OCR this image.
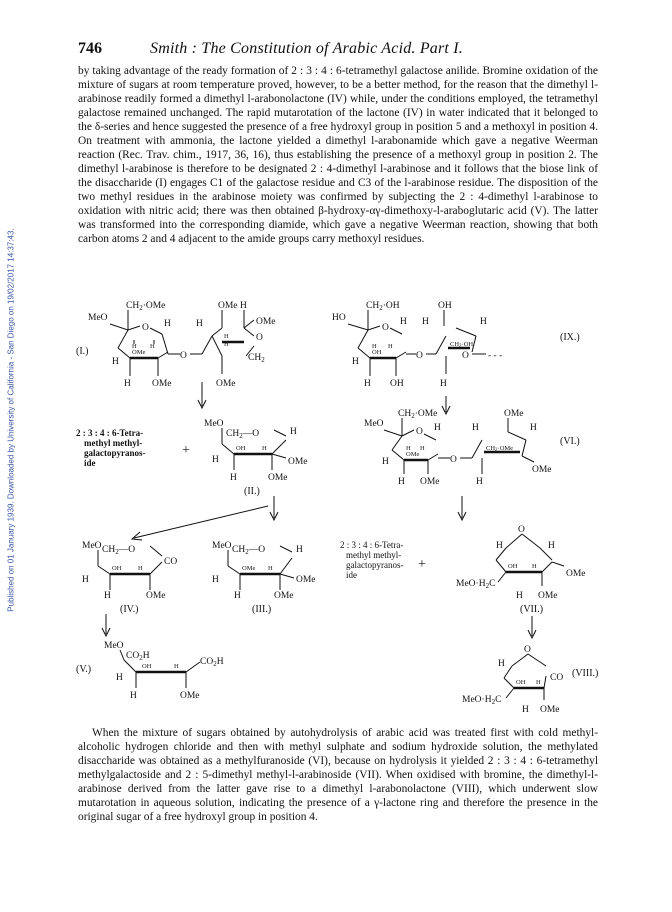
Published on 01 January 1939. Downloaded by University of California - San Diego on 19/02/2017 14:37:43.
746	Smith : The Constitution of Arabic Acid. Part I.
by taking advantage of the ready formation of 2 : 3 : 4 : 6-tetramethyl galactose anilide. Bromine oxidation of the mixture of sugars at room temperature proved, however, to be a better method, for the reason that the dimethyl l-arabinose readily formed a dimethyl l-arabonolactone (IV) while, under the conditions employed, the tetramethyl galactose remained unchanged. The rapid mutarotation of the lactone (IV) in water indicated that it belonged to the δ-series and hence suggested the presence of a free hydroxyl group in position 5 and a methoxyl in position 4. On treatment with ammonia, the lactone yielded a dimethyl l-arabonamide which gave a negative Weerman reaction (Rec. Trav. chim., 1917, 36, 16), thus establishing the presence of a methoxyl group in position 2. The dimethyl l-arabinose is therefore to be designated 2 : 4-dimethyl l-arabinose and it follows that the biose link of the disaccharide (I) engages C1 of the galactose residue and C3 of the l-arabinose residue. The disposition of the two methyl residues in the arabinose moiety was confirmed by subjecting the 2 : 4-dimethyl l-arabinose to oxidation with nitric acid; there was then obtained β-hydroxy-αγ-dimethoxy-l-araboglutaric acid (V). The latter was transformed into the corresponding diamide, which gave a negative Weerman reaction, showing that both carbon atoms 2 and 4 adjacent to the amide groups carry methoxyl residues.
$CH_2\cdot OMe$
MeO
O H
H
OMe
H
H
H OMe
O
OMe H
H
H
H
OMe
O
$CH_2$
OMe
(I.)
$CH_2\cdot OH$
HO
O
H
H
OH
H
H
H OH
O
OH
H
CH2·OH
H
O - - -
H
(IX.)
2 : 3 : 4 : 6-Tetra-
methyl methyl-
galactopyranos-
ide
+
MeO
$CH_2—O$	H
OH	H
OMe
H
H	OMe
(II.)
$CH_2\cdot OMe$	OMe
MeO
O H
H
OMe
H
H
H OMe
O
H
CH2·OMe
H
OMe
H
(VI.)
MeO $CH_2—O$
CO
OH	H
H
H	OMe
(IV.)
MeO $CH_2—O$	H
OMe H
OMe
H
H	OMe
(III.)
2 : 3 : 4 : 6-Tetra-
methyl methyl-
galactopyranos-
ide
+
O
H	H
OMe
OH H
$MeO\cdot H_2C$
H OMe
(VII.)
MeO
$CO_2H$
$CO_2H$
OH	H
H
H	OMe
(V.)
O
H
CO
OH H
$MeO\cdot H_2C$
H OMe
(VIII.)
When the mixture of sugars obtained by autohydrolysis of arabic acid was treated first with cold methyl-alcoholic hydrogen chloride and then with methyl sulphate and sodium hydroxide solution, the methylated disaccharide was obtained as a methylfuranoside (VI), because on hydrolysis it yielded 2 : 3 : 4 : 6-tetramethyl methylgalactoside and 2 : 5-dimethyl methyl-l-arabinoside (VII). When oxidised with bromine, the dimethyl-l-arabinose derived from the latter gave rise to a dimethyl l-arabonolactone (VIII), which underwent slow mutarotation in aqueous solution, indicating the presence of a γ-lactone ring and therefore the presence in the original sugar of a free hydroxyl group in position 4.
